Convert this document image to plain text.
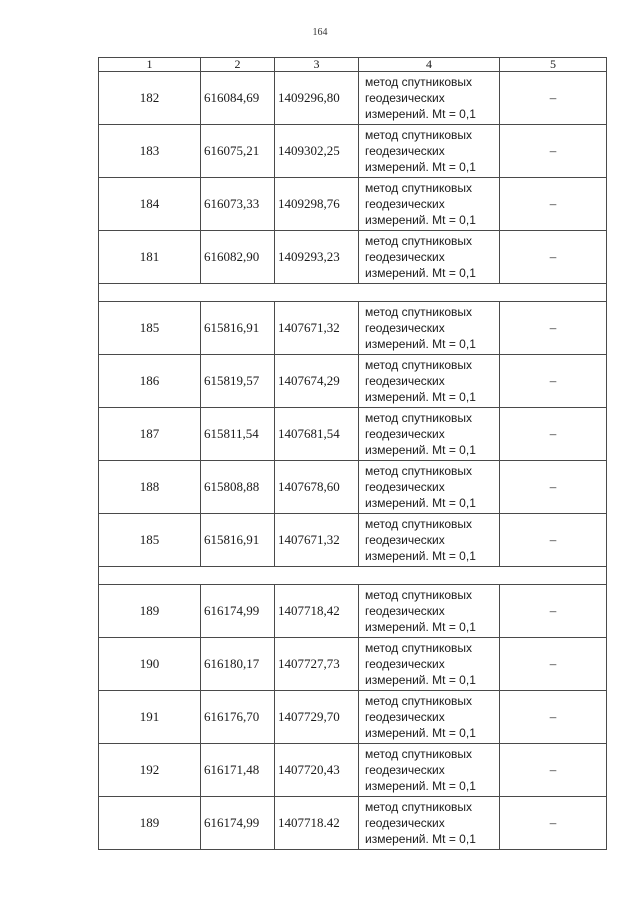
164
1	2	3	4	5
182	616084,69	1409296,80	метод спутниковых
геодезических
измерений. Mt = 0,1	–
183	616075,21	1409302,25	метод спутниковых
геодезических
измерений. Mt = 0,1	–
184	616073,33	1409298,76	метод спутниковых
геодезических
измерений. Mt = 0,1	–
181	616082,90	1409293,23	метод спутниковых
геодезических
измерений. Mt = 0,1	–

185	615816,91	1407671,32	метод спутниковых
геодезических
измерений. Mt = 0,1	–
186	615819,57	1407674,29	метод спутниковых
геодезических
измерений. Mt = 0,1	–
187	615811,54	1407681,54	метод спутниковых
геодезических
измерений. Mt = 0,1	–
188	615808,88	1407678,60	метод спутниковых
геодезических
измерений. Mt = 0,1	–
185	615816,91	1407671,32	метод спутниковых
геодезических
измерений. Mt = 0,1	–

189	616174,99	1407718,42	метод спутниковых
геодезических
измерений. Mt = 0,1	–
190	616180,17	1407727,73	метод спутниковых
геодезических
измерений. Mt = 0,1	–
191	616176,70	1407729,70	метод спутниковых
геодезических
измерений. Mt = 0,1	–
192	616171,48	1407720,43	метод спутниковых
геодезических
измерений. Mt = 0,1	–
189	616174,99	1407718.42	метод спутниковых
геодезических
измерений. Mt = 0,1	–
